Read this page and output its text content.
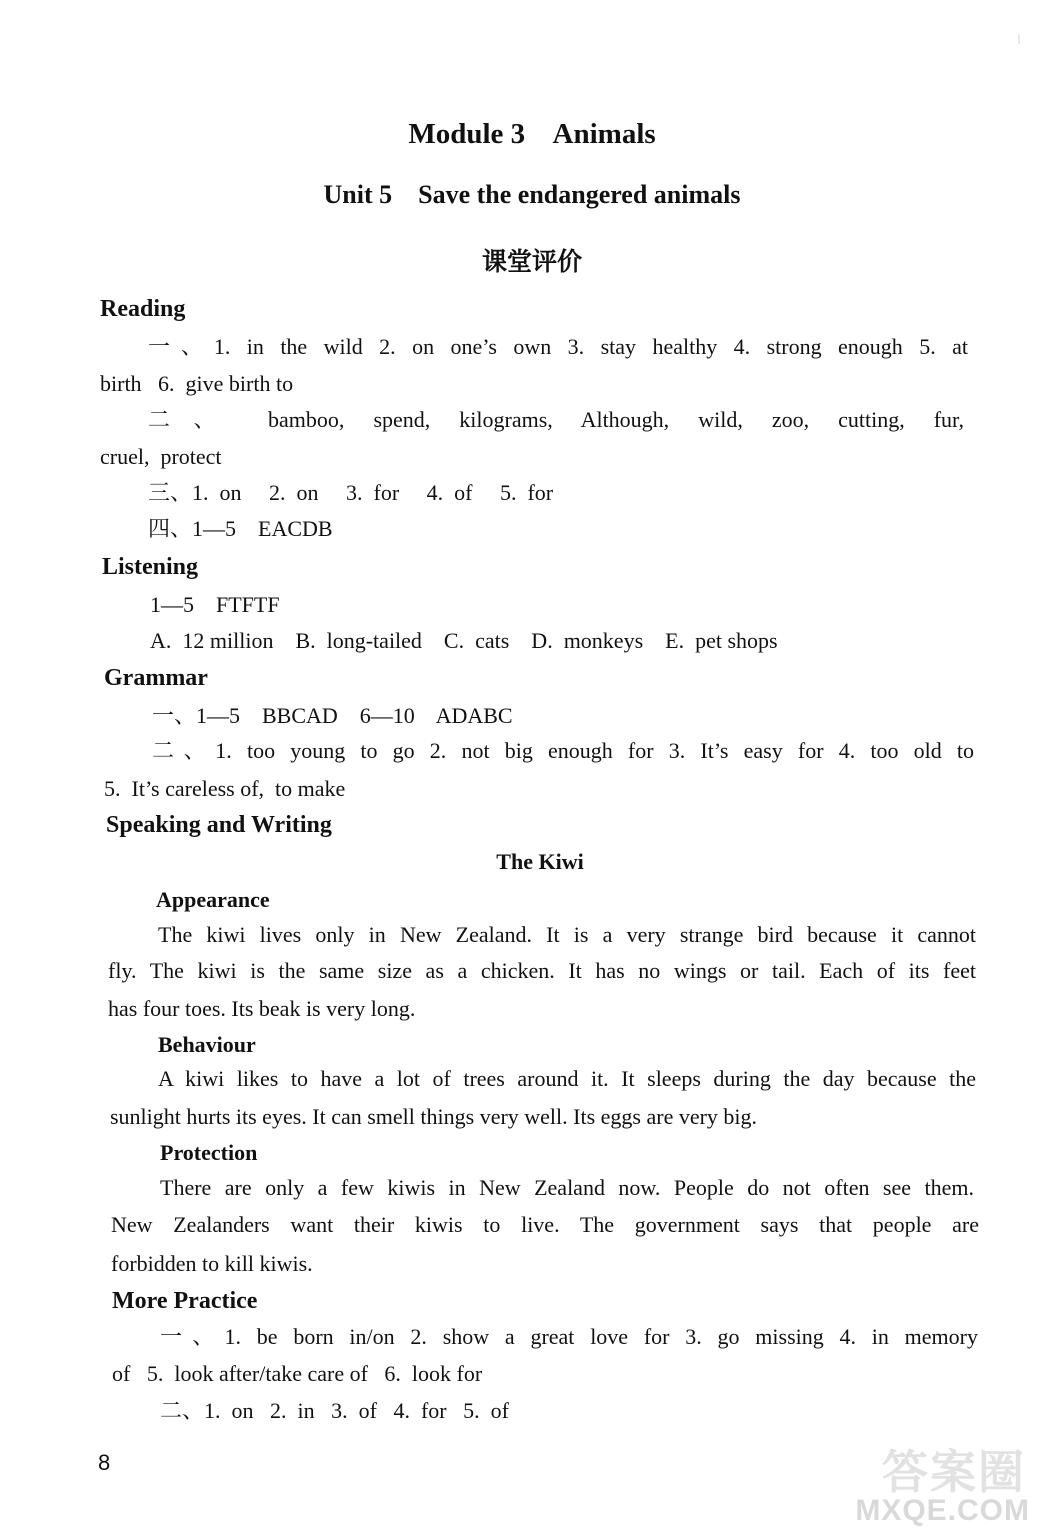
Module 3    Animals
Unit 5    Save the endangered animals
课堂评价
Reading
一、1. in the wild 2. on one’s own 3. stay healthy 4. strong enough 5. at
birth   6.  give birth to
二、 bamboo, spend, kilograms, Although, wild, zoo, cutting, fur,
cruel,  protect
三、1.  on     2.  on     3.  for     4.  of     5.  for
四、1—5    EACDB
Listening
1—5    FTFTF
A.  12 million    B.  long-tailed    C.  cats    D.  monkeys    E.  pet shops
Grammar
一、1—5    BBCAD    6—10    ADABC
二、1. too young to go 2. not big enough for 3. It’s easy for 4. too old to
5.  It’s careless of,  to make
Speaking and Writing
The Kiwi
Appearance
The kiwi lives only in New Zealand. It is a very strange bird because it cannot
fly. The kiwi is the same size as a chicken. It has no wings or tail. Each of its feet
has four toes. Its beak is very long.
Behaviour
A kiwi likes to have a lot of trees around it. It sleeps during the day because the
sunlight hurts its eyes. It can smell things very well. Its eggs are very big.
Protection
There are only a few kiwis in New Zealand now. People do not often see them.
New Zealanders want their kiwis to live. The government says that people are
forbidden to kill kiwis.
More Practice
一、1. be born in/on 2. show a great love for 3. go missing 4. in memory
of   5.  look after/take care of   6.  look for
二、1.  on   2.  in   3.  of   4.  for   5.  of
8	答案圈
MXQE.COM
